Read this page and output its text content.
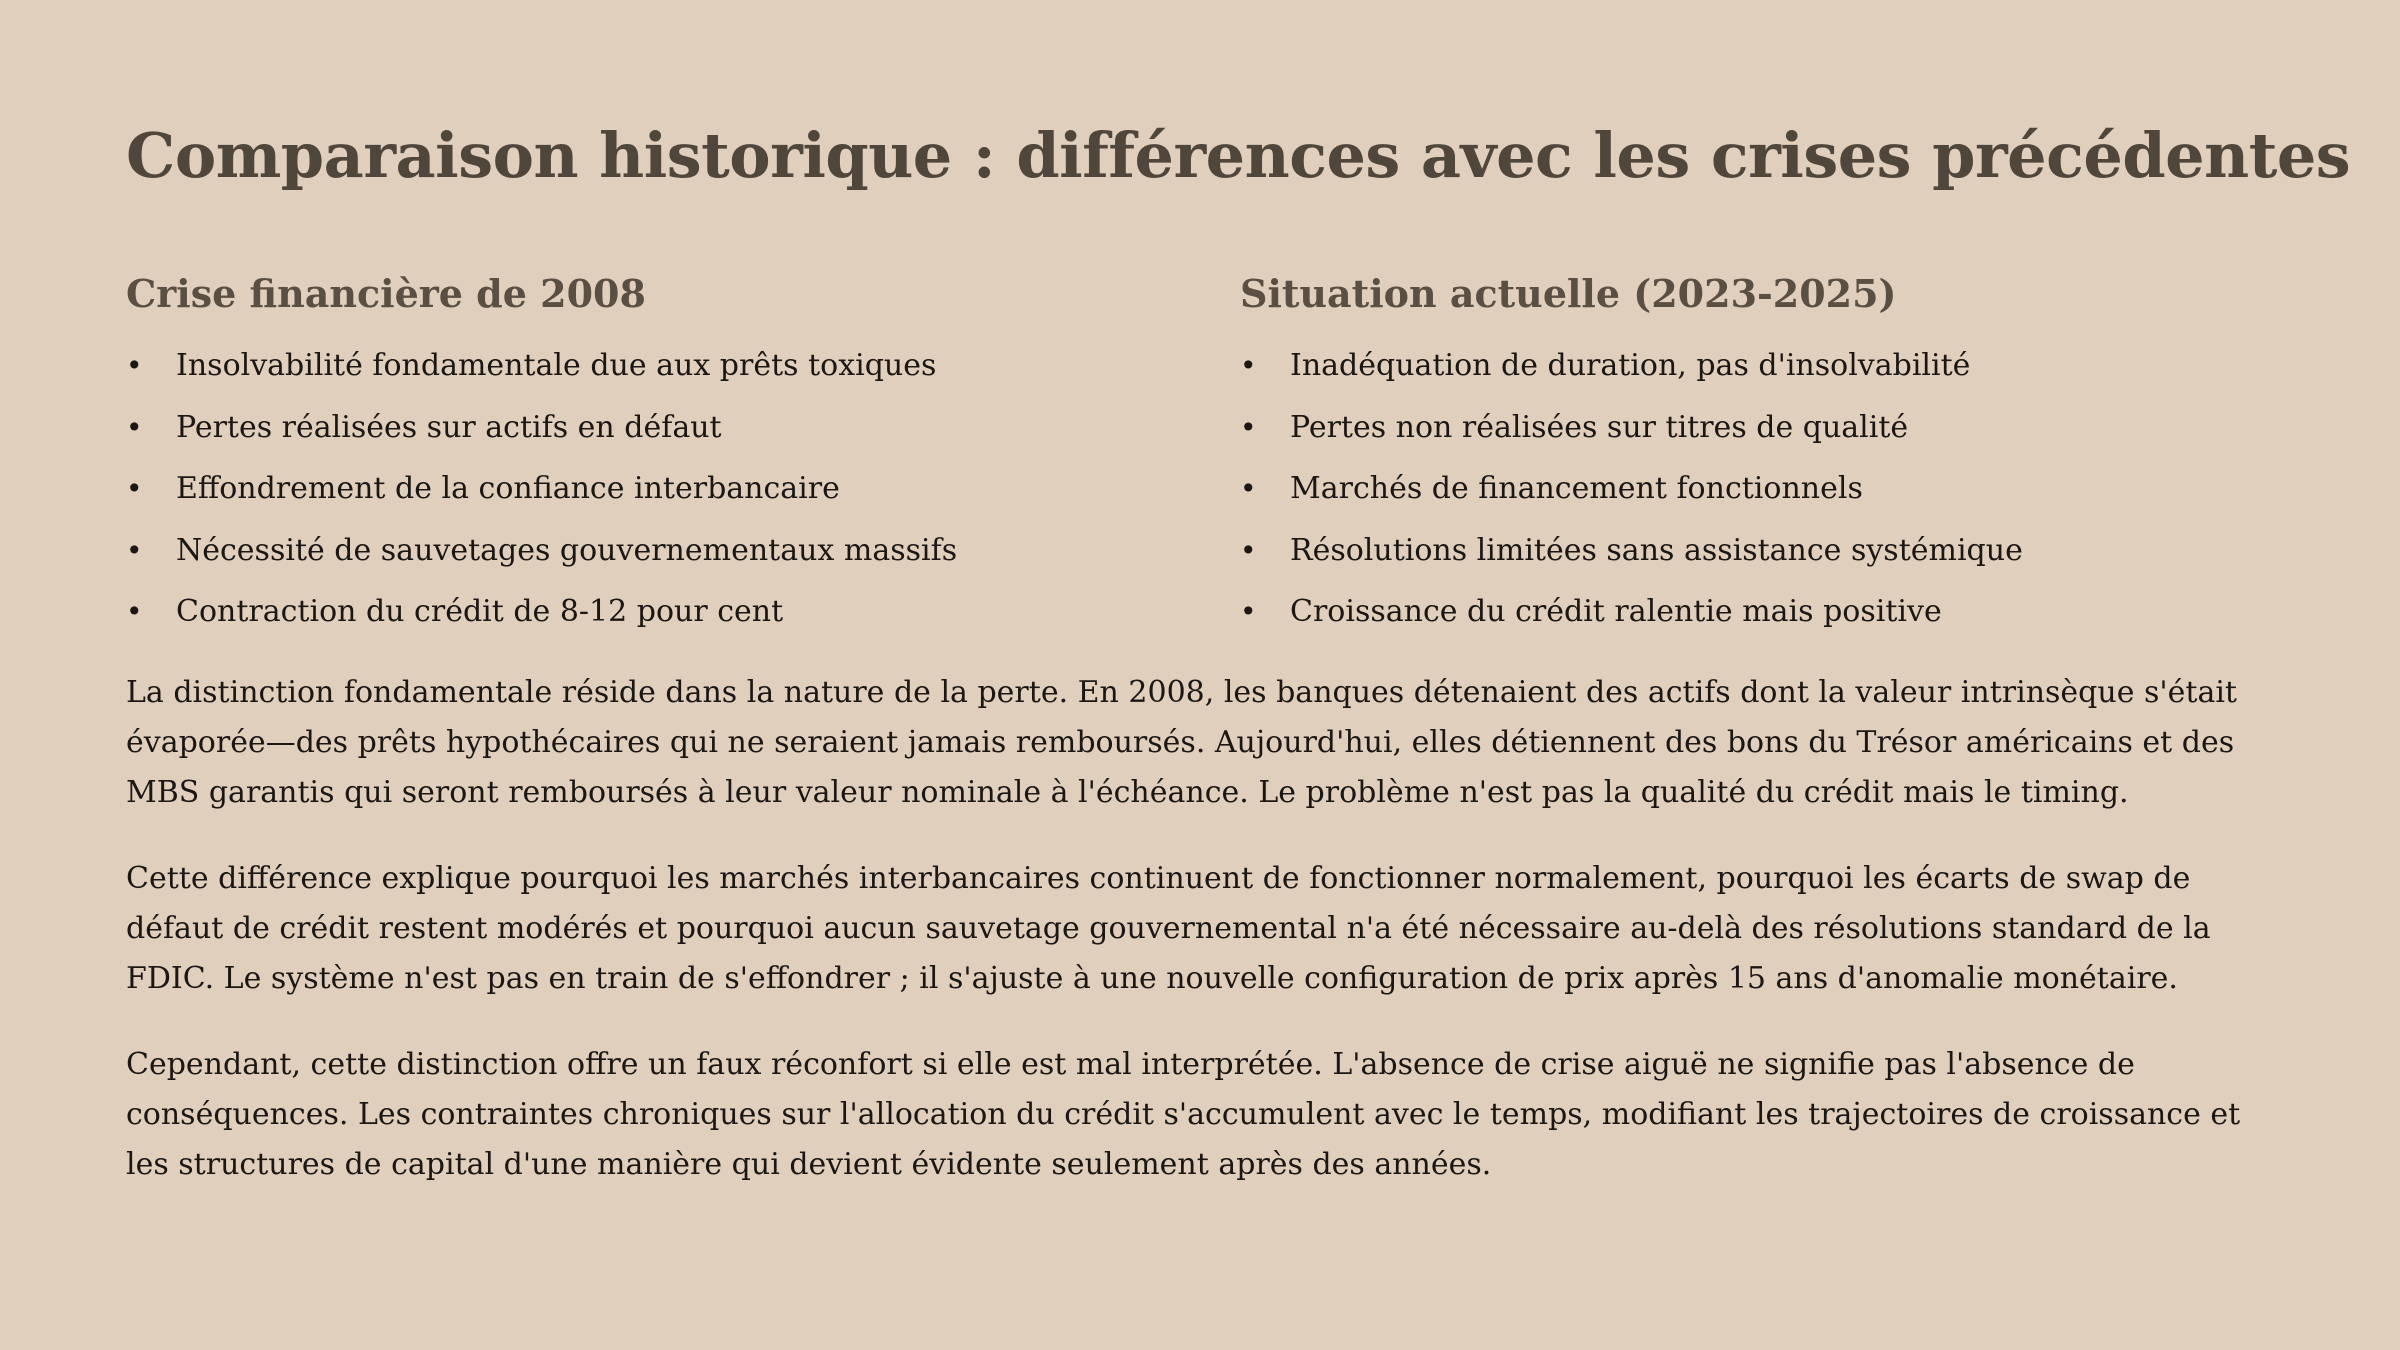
Comparaison historique : différences avec les crises précédentes
Crise financière de 2008
•	Insolvabilité fondamentale due aux prêts toxiques
•	Pertes réalisées sur actifs en défaut
•	Effondrement de la confiance interbancaire
•	Nécessité de sauvetages gouvernementaux massifs
•	Contraction du crédit de 8-12 pour cent
Situation actuelle (2023-2025)
•	Inadéquation de duration, pas d'insolvabilité
•	Pertes non réalisées sur titres de qualité
•	Marchés de financement fonctionnels
•	Résolutions limitées sans assistance systémique
•	Croissance du crédit ralentie mais positive

La distinction fondamentale réside dans la nature de la perte. En 2008, les banques détenaient des actifs dont la valeur intrinsèque s'était évaporée—des prêts hypothécaires qui ne seraient jamais remboursés. Aujourd'hui, elles détiennent des bons du Trésor américains et des MBS garantis qui seront remboursés à leur valeur nominale à l'échéance. Le problème n'est pas la qualité du crédit mais le timing.

Cette différence explique pourquoi les marchés interbancaires continuent de fonctionner normalement, pourquoi les écarts de swap de défaut de crédit restent modérés et pourquoi aucun sauvetage gouvernemental n'a été nécessaire au-delà des résolutions standard de la FDIC. Le système n'est pas en train de s'effondrer ; il s'ajuste à une nouvelle configuration de prix après 15 ans d'anomalie monétaire.

Cependant, cette distinction offre un faux réconfort si elle est mal interprétée. L'absence de crise aiguë ne signifie pas l'absence de conséquences. Les contraintes chroniques sur l'allocation du crédit s'accumulent avec le temps, modifiant les trajectoires de croissance et les structures de capital d'une manière qui devient évidente seulement après des années.
